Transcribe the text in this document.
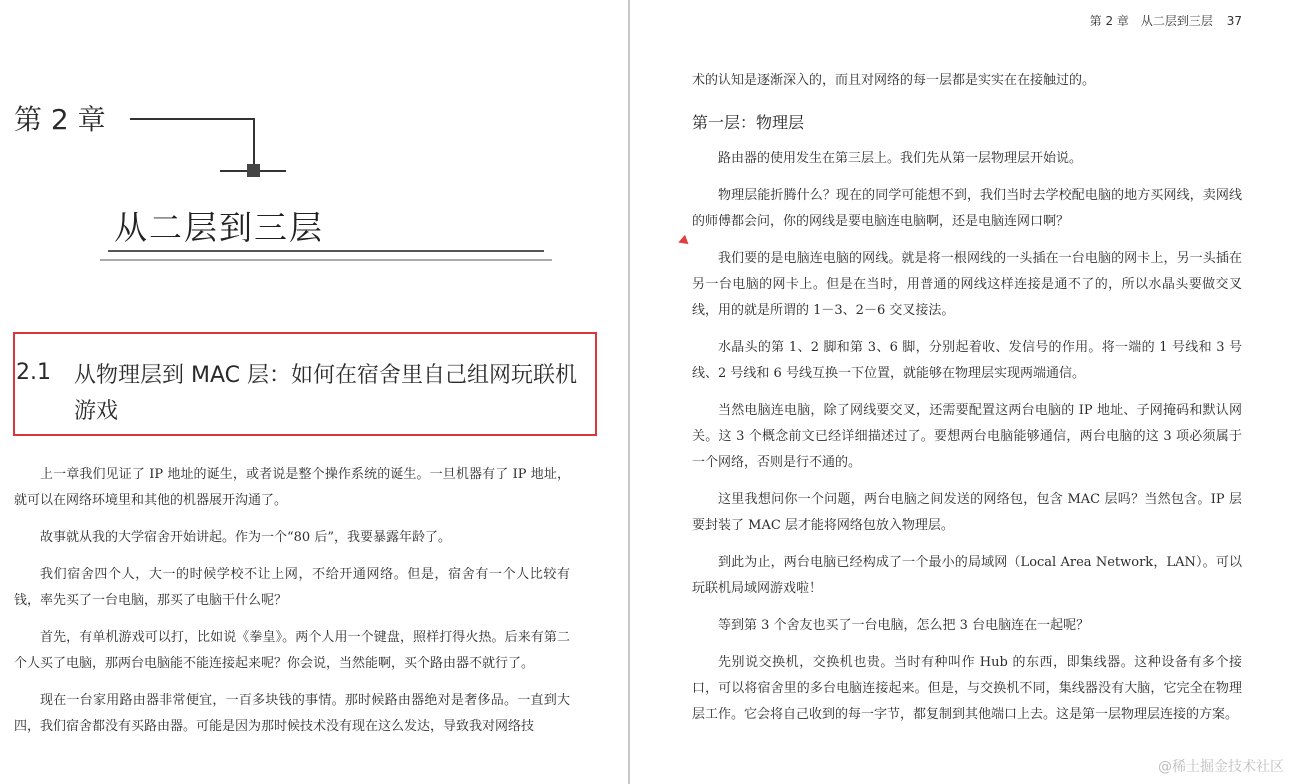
第 2 章
从二层到三层
2.1 从物理层到 MAC 层：如何在宿舍里自己组网玩联机游戏

上一章我们见证了 IP 地址的诞生，或者说是整个操作系统的诞生。一旦机器有了 IP 地址，就可以在网络环境里和其他的机器展开沟通了。

故事就从我的大学宿舍开始讲起。作为一个“80 后”，我要暴露年龄了。

我们宿舍四个人，大一的时候学校不让上网，不给开通网络。但是，宿舍有一个人比较有钱，率先买了一台电脑，那买了电脑干什么呢？

首先，有单机游戏可以打，比如说《拳皇》。两个人用一个键盘，照样打得火热。后来有第二个人买了电脑，那两台电脑能不能连接起来呢？你会说，当然能啊，买个路由器不就行了。

现在一台家用路由器非常便宜，一百多块钱的事情。那时候路由器绝对是奢侈品。一直到大四，我们宿舍都没有买路由器。可能是因为那时候技术没有现在这么发达，导致我对网络技

第 2 章　从二层到三层 37

术的认知是逐渐深入的，而且对网络的每一层都是实实在在接触过的。

第一层：物理层

路由器的使用发生在第三层上。我们先从第一层物理层开始说。

物理层能折腾什么？现在的同学可能想不到，我们当时去学校配电脑的地方买网线，卖网线的师傅都会问，你的网线是要电脑连电脑啊，还是电脑连网口啊？

我们要的是电脑连电脑的网线。就是将一根网线的一头插在一台电脑的网卡上，另一头插在另一台电脑的网卡上。但是在当时，用普通的网线这样连接是通不了的，所以水晶头要做交叉线，用的就是所谓的 1－3、2－6 交叉接法。

水晶头的第 1、2 脚和第 3、6 脚，分别起着收、发信号的作用。将一端的 1 号线和 3 号线、2 号线和 6 号线互换一下位置，就能够在物理层实现两端通信。

当然电脑连电脑，除了网线要交叉，还需要配置这两台电脑的 IP 地址、子网掩码和默认网关。这 3 个概念前文已经详细描述过了。要想两台电脑能够通信，两台电脑的这 3 项必须属于一个网络，否则是行不通的。

这里我想问你一个问题，两台电脑之间发送的网络包，包含 MAC 层吗？当然包含。IP 层要封装了 MAC 层才能将网络包放入物理层。

到此为止，两台电脑已经构成了一个最小的局域网（Local Area Network，LAN）。可以玩联机局域网游戏啦！

等到第 3 个舍友也买了一台电脑，怎么把 3 台电脑连在一起呢？

先别说交换机，交换机也贵。当时有种叫作 Hub 的东西，即集线器。这种设备有多个接口，可以将宿舍里的多台电脑连接起来。但是，与交换机不同，集线器没有大脑，它完全在物理层工作。它会将自己收到的每一字节，都复制到其他端口上去。这是第一层物理层连接的方案。

@稀土掘金技术社区
